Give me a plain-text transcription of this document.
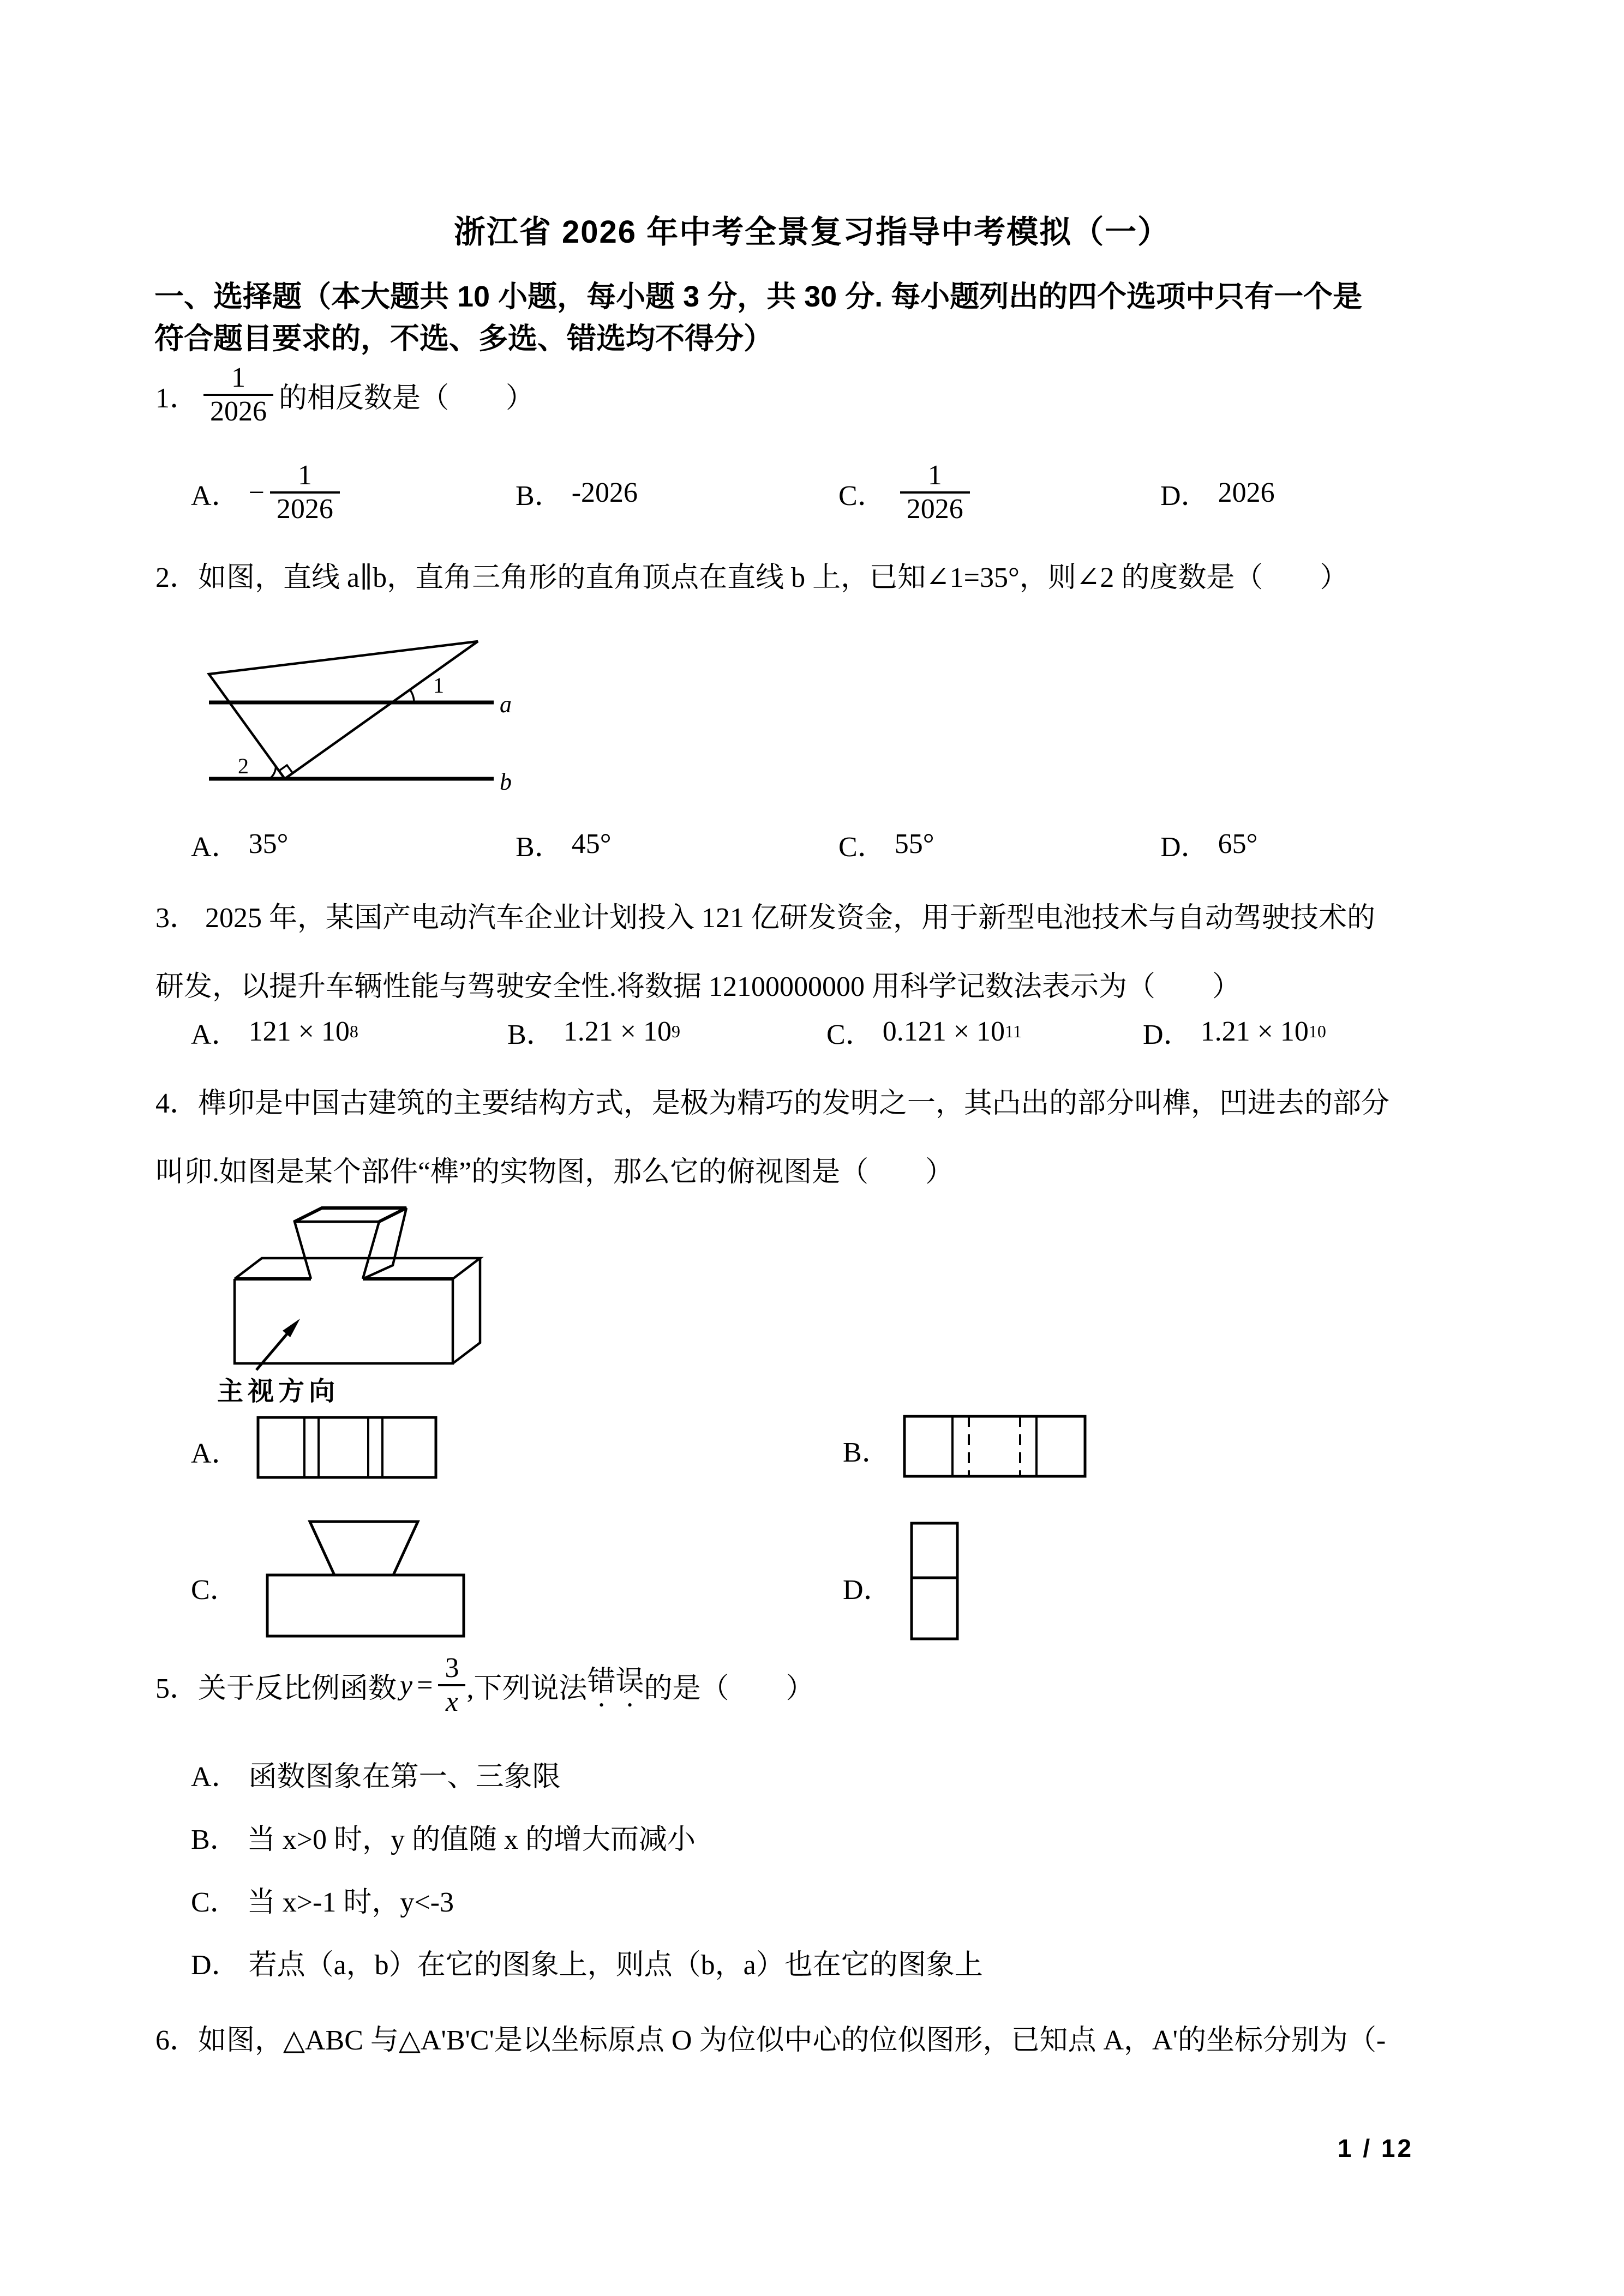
浙江省 2026 年中考全景复习指导中考模拟（一）
一、选择题（本大题共 10 小题，每小题 3 分，共 30 分. 每小题列出的四个选项中只有一个是
符合题目要求的，不选、多选、错选均不得分）
1． $\frac{1}{2026}$ 的相反数是（　　）
A． − $\frac{1}{2026}$	B． -2026	C． $\frac{1}{2026}$	D． 2026
2．如图，直线 a∥b，直角三角形的直角顶点在直线 b 上，已知∠1=35°，则∠2 的度数是（　　）
a
b
1
2
A． 35°	B． 45°	C． 55°	D． 65°
3． 2025 年，某国产电动汽车企业计划投入 121 亿研发资金，用于新型电池技术与自动驾驶技术的
研发，以提升车辆性能与驾驶安全性.将数据 12100000000 用科学记数法表示为（　　）
A． 121 × 10 8	B． 1.21 × 10 9	C． 0.121 × 10 11	D． 1.21 × 10 10
4．榫卯是中国古建筑的主要结构方式，是极为精巧的发明之一，其凸出的部分叫榫，凹进去的部分
叫卯.如图是某个部件“榫”的实物图，那么它的俯视图是（　　）
主视方向
A．	B．
C．	D．
5．关于反比例函数 $y = \frac{3}{x}$ ,下列说法 错误 的是（　　）
A． 函数图象在第一、三象限
B． 当 x>0 时，y 的值随 x 的增大而减小
C． 当 x>-1 时，y<-3
D． 若点（a，b）在它的图象上，则点（b，a）也在它的图象上
6．如图，△ABC 与△A'B'C'是以坐标原点 O 为位似中心的位似图形，已知点 A，A'的坐标分别为（-
1 / 12
